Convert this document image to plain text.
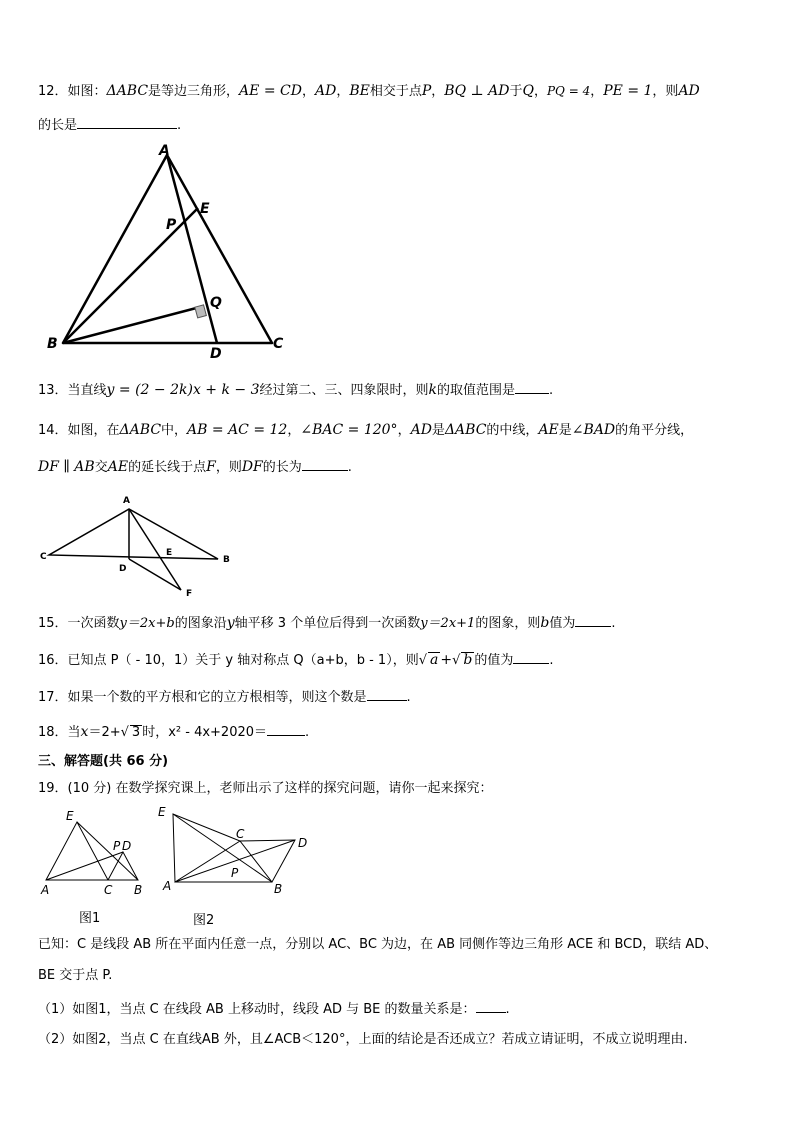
12．如图：ΔABC是等边三角形，AE = CD，AD，BE相交于点P，BQ ⊥ AD于Q，PQ = 4，PE = 1，则AD
的长是	.
A
E
P
Q
B
D
C
13．当直线y = (2 − 2k)x + k − 3经过第二、三、四象限时，则k的取值范围是	.
14．如图，在ΔABC中，AB = AC = 12，∠BAC = 120°，AD是ΔABC的中线，AE是∠BAD的角平分线，
DF ∥ AB交AE的延长线于点F，则DF的长为	.
A
C	E
B
D
F
15．一次函数y＝2x+b的图象沿y轴平移 3 个单位后得到一次函数y＝2x+1的图象，则b值为	.
16．已知点 P（ - 10，1）关于 y 轴对称点 Q（a+b，b - 1），则√ a +√ b 的值为	.
17．如果一个数的平方根和它的立方根相等，则这个数是	.
18．当x＝2+√ 3 时，x² - 4x+2020＝	.
三、解答题(共 66 分)
19．(10 分) 在数学探究课上，老师出示了这样的探究问题，请你一起来探究：
E
P D
A	C B
图1
E
C
D
P
A	B
图2
已知：C 是线段 AB 所在平面内任意一点，分别以 AC、BC 为边，在 AB 同侧作等边三角形 ACE 和 BCD，联结 AD、
BE 交于点 P.
（1）如图1，当点 C 在线段 AB 上移动时，线段 AD 与 BE 的数量关系是： .
（2）如图2，当点 C 在直线AB 外，且∠ACB＜120°，上面的结论是否还成立？若成立请证明，不成立说明理由.
